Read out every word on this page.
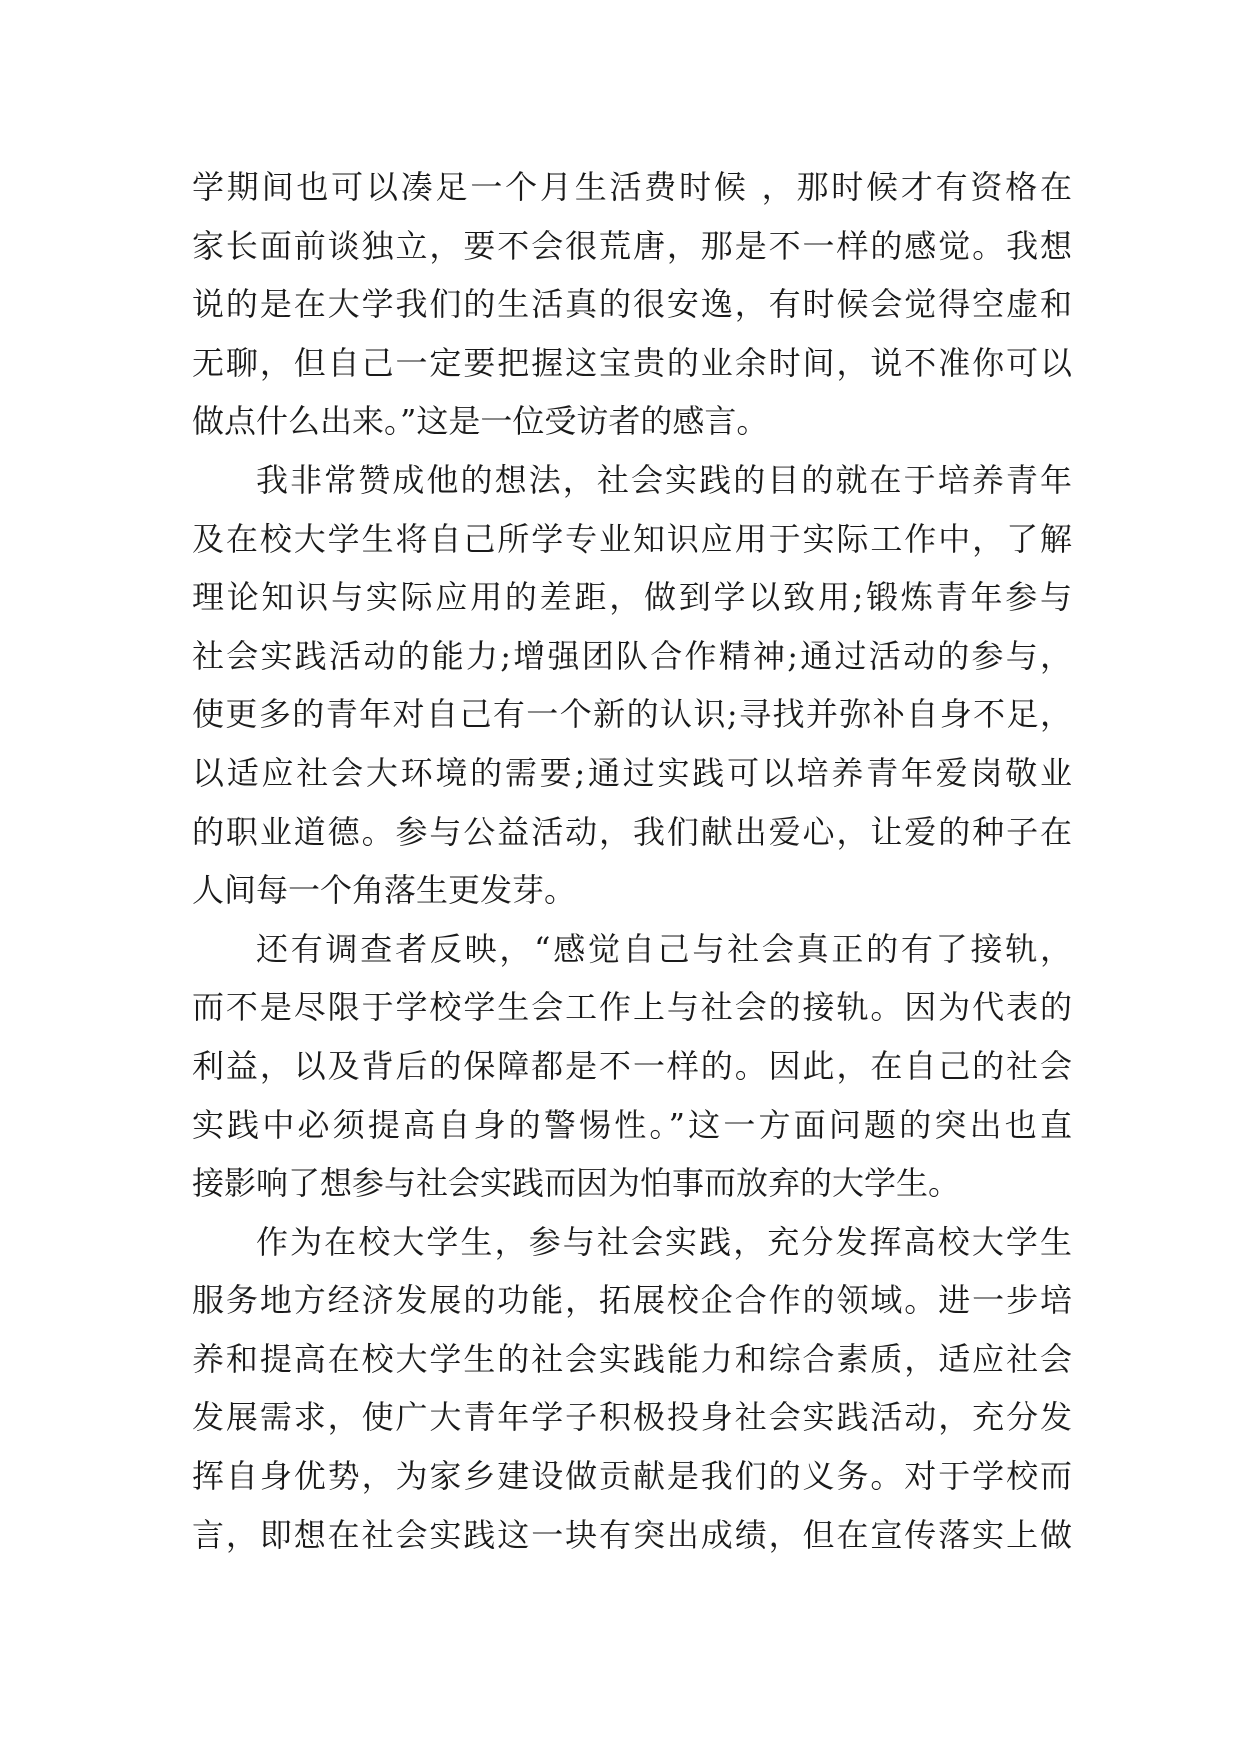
学期间也可以凑足一个月生活费时候 ，那时候才有资格在
家长面前谈独立，要不会很荒唐，那是不一样的感觉。我想
说的是在大学我们的生活真的很安逸，有时候会觉得空虚和
无聊，但自己一定要把握这宝贵的业余时间，说不准你可以
做点什么出来。”这是一位受访者的感言。
我非常赞成他的想法，社会实践的目的就在于培养青年
及在校大学生将自己所学专业知识应用于实际工作中，了解
理论知识与实际应用的差距，做到学以致用;锻炼青年参与
社会实践活动的能力;增强团队合作精神;通过活动的参与，
使更多的青年对自己有一个新的认识;寻找并弥补自身不足，
以适应社会大环境的需要;通过实践可以培养青年爱岗敬业
的职业道德。参与公益活动，我们献出爱心，让爱的种子在
人间每一个角落生更发芽。
还有调查者反映，“感觉自己与社会真正的有了接轨，
而不是尽限于学校学生会工作上与社会的接轨。因为代表的
利益，以及背后的保障都是不一样的。因此，在自己的社会
实践中必须提高自身的警惕性。”这一方面问题的突出也直
接影响了想参与社会实践而因为怕事而放弃的大学生。
作为在校大学生，参与社会实践，充分发挥高校大学生
服务地方经济发展的功能，拓展校企合作的领域。进一步培
养和提高在校大学生的社会实践能力和综合素质，适应社会
发展需求，使广大青年学子积极投身社会实践活动，充分发
挥自身优势，为家乡建设做贡献是我们的义务。对于学校而
言，即想在社会实践这一块有突出成绩，但在宣传落实上做
